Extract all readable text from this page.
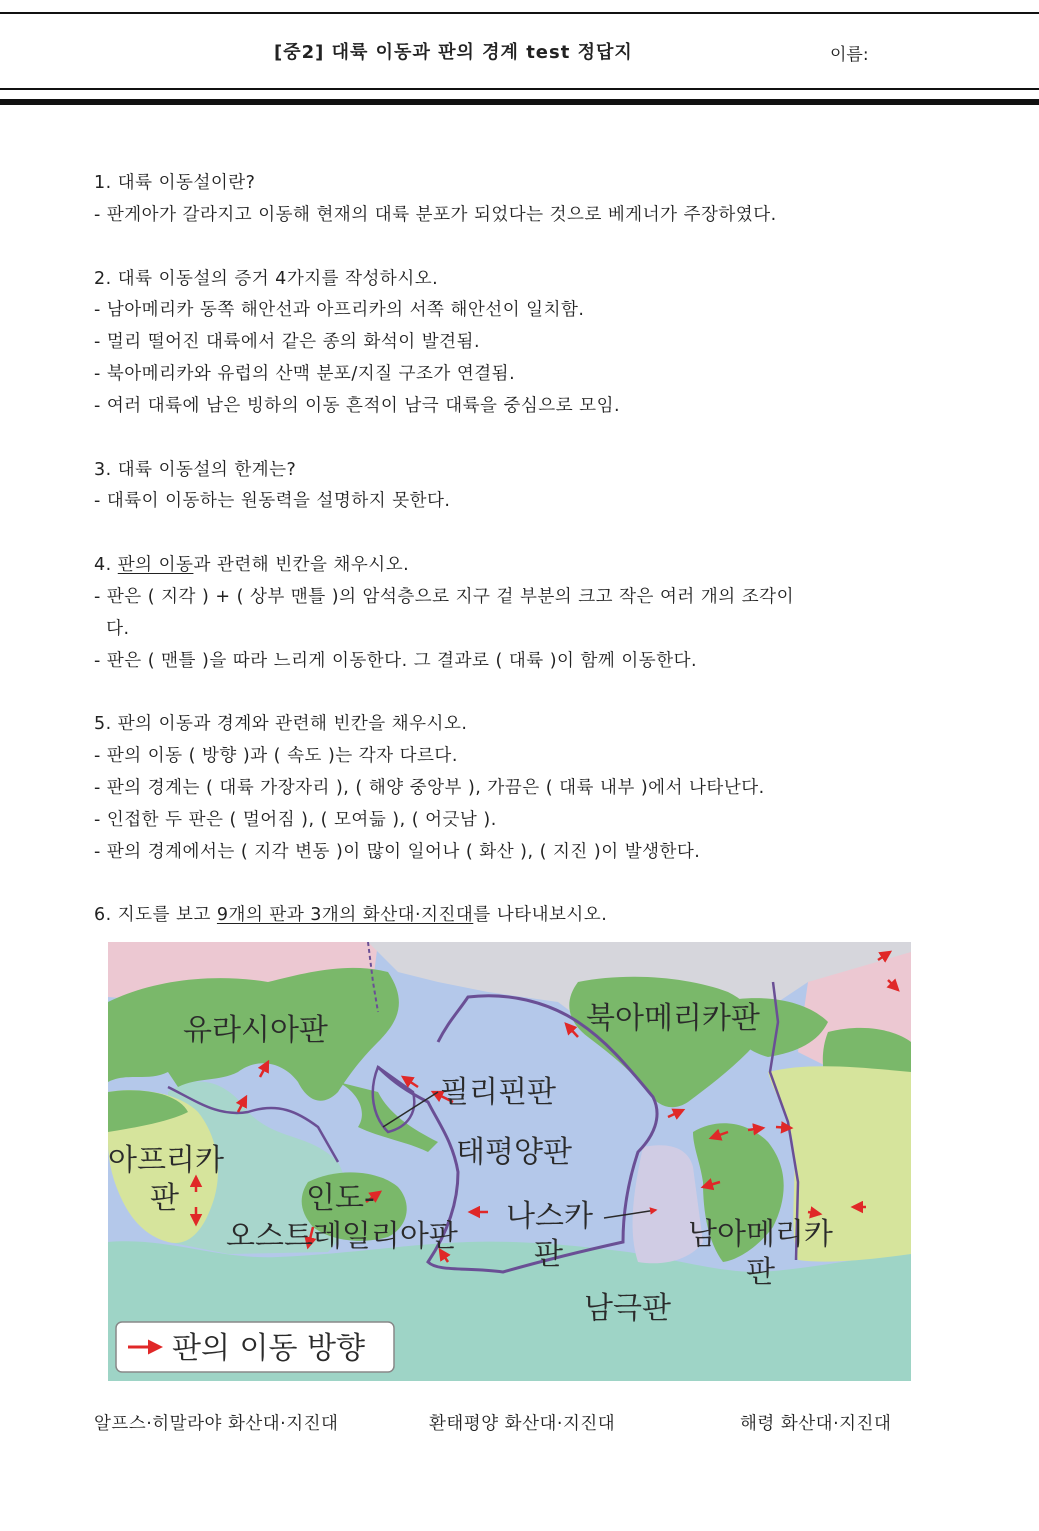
[중2] 대륙 이동과 판의 경계 test 정답지	이름:
1. 대륙 이동설이란?
- 판게아가 갈라지고 이동해 현재의 대륙 분포가 되었다는 것으로 베게너가 주장하였다.
2. 대륙 이동설의 증거 4가지를 작성하시오.
- 남아메리카 동쪽 해안선과 아프리카의 서쪽 해안선이 일치함.
- 멀리 떨어진 대륙에서 같은 종의 화석이 발견됨.
- 북아메리카와 유럽의 산맥 분포/지질 구조가 연결됨.
- 여러 대륙에 남은 빙하의 이동 흔적이 남극 대륙을 중심으로 모임.
3. 대륙 이동설의 한계는?
- 대륙이 이동하는 원동력을 설명하지 못한다.
4. 판의 이동과 관련해 빈칸을 채우시오.
- 판은 ( 지각 ) + ( 상부 맨틀 )의 암석층으로 지구 겉 부분의 크고 작은 여러 개의 조각이
다.
- 판은 ( 맨틀 )을 따라 느리게 이동한다. 그 결과로 ( 대륙 )이 함께 이동한다.
5. 판의 이동과 경계와 관련해 빈칸을 채우시오.
- 판의 이동 ( 방향 )과 ( 속도 )는 각자 다르다.
- 판의 경계는 ( 대륙 가장자리 ), ( 해양 중앙부 ), 가끔은 ( 대륙 내부 )에서 나타난다.
- 인접한 두 판은 ( 멀어짐 ), ( 모여듦 ), ( 어긋남 ).
- 판의 경계에서는 ( 지각 변동 )이 많이 일어나 ( 화산 ), ( 지진 )이 발생한다.
6. 지도를 보고 9개의 판과 3개의 화산대·지진대를 나타내보시오.
유라시아판	북아메리카판
필리핀판
태평양판
아프리카
판	인도-
오스트레일리아판
나스카
판
남아메리카
판
남극판
판의 이동 방향
알프스·히말라야 화산대·지진대	환태평양 화산대·지진대	해령 화산대·지진대
